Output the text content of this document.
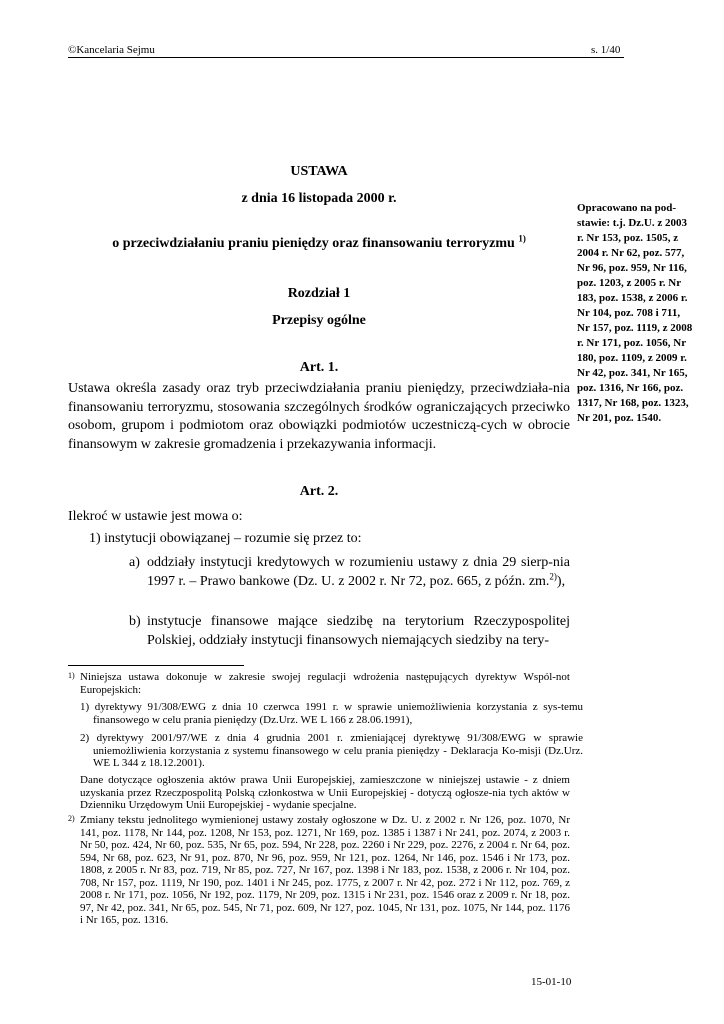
©Kancelaria Sejmu	s. 1/40
USTAWA
z dnia 16 listopada 2000 r.
o przeciwdziałaniu praniu pieniędzy oraz finansowaniu terroryzmu $^{1)}$
Rozdział 1
Przepisy ogólne
Art. 1.
Opracowano na pod-stawie: t.j. Dz.U. z 2003 r. Nr 153, poz. 1505, z 2004 r. Nr 62, poz. 577, Nr 96, poz. 959, Nr 116, poz. 1203, z 2005 r. Nr 183, poz. 1538, z 2006 r. Nr 104, poz. 708 i 711, Nr 157, poz. 1119, z 2008 r. Nr 171, poz. 1056, Nr 180, poz. 1109, z 2009 r. Nr 42, poz. 341, Nr 165, poz. 1316, Nr 166, poz. 1317, Nr 168, poz. 1323, Nr 201, poz. 1540.
Ustawa określa zasady oraz tryb przeciwdziałania praniu pieniędzy, przeciwdziała-nia finansowaniu terroryzmu, stosowania szczególnych środków ograniczających przeciwko osobom, grupom i podmiotom oraz obowiązki podmiotów uczestniczą-cych w obrocie finansowym w zakresie gromadzenia i przekazywania informacji.
Art. 2.
Ilekroć w ustawie jest mowa o:
1) instytucji obowiązanej – rozumie się przez to:
a) oddziały instytucji kredytowych w rozumieniu ustawy z dnia 29 sierp-nia 1997 r. – Prawo bankowe (Dz. U. z 2002 r. Nr 72, poz. 665, z późn. zm.$^{2)}$),
b) instytucje finansowe mające siedzibę na terytorium Rzeczypospolitej Polskiej, oddziały instytucji finansowych niemających siedziby na tery-
1) Niniejsza ustawa dokonuje w zakresie swojej regulacji wdrożenia następujących dyrektyw Wspól-not Europejskich:
1) dyrektywy 91/308/EWG z dnia 10 czerwca 1991 r. w sprawie uniemożliwienia korzystania z sys-temu finansowego w celu prania pieniędzy (Dz.Urz. WE L 166 z 28.06.1991),
2) dyrektywy 2001/97/WE z dnia 4 grudnia 2001 r. zmieniającej dyrektywę 91/308/EWG w sprawie uniemożliwienia korzystania z systemu finansowego w celu prania pieniędzy - Deklaracja Ko-misji (Dz.Urz. WE L 344 z 18.12.2001).
Dane dotyczące ogłoszenia aktów prawa Unii Europejskiej, zamieszczone w niniejszej ustawie - z dniem uzyskania przez Rzeczpospolitą Polską członkostwa w Unii Europejskiej - dotyczą ogłosze-nia tych aktów w Dzienniku Urzędowym Unii Europejskiej - wydanie specjalne.
2) Zmiany tekstu jednolitego wymienionej ustawy zostały ogłoszone w Dz. U. z 2002 r. Nr 126, poz. 1070, Nr 141, poz. 1178, Nr 144, poz. 1208, Nr 153, poz. 1271, Nr 169, poz. 1385 i 1387 i Nr 241, poz. 2074, z 2003 r. Nr 50, poz. 424, Nr 60, poz. 535, Nr 65, poz. 594, Nr 228, poz. 2260 i Nr 229, poz. 2276, z 2004 r. Nr 64, poz. 594, Nr 68, poz. 623, Nr 91, poz. 870, Nr 96, poz. 959, Nr 121, poz. 1264, Nr 146, poz. 1546 i Nr 173, poz. 1808, z 2005 r. Nr 83, poz. 719, Nr 85, poz. 727, Nr 167, poz. 1398 i Nr 183, poz. 1538, z 2006 r. Nr 104, poz. 708, Nr 157, poz. 1119, Nr 190, poz. 1401 i Nr 245, poz. 1775, z 2007 r. Nr 42, poz. 272 i Nr 112, poz. 769, z 2008 r. Nr 171, poz. 1056, Nr 192, poz. 1179, Nr 209, poz. 1315 i Nr 231, poz. 1546 oraz z 2009 r. Nr 18, poz. 97, Nr 42, poz. 341, Nr 65, poz. 545, Nr 71, poz. 609, Nr 127, poz. 1045, Nr 131, poz. 1075, Nr 144, poz. 1176 i Nr 165, poz. 1316.
15-01-10
